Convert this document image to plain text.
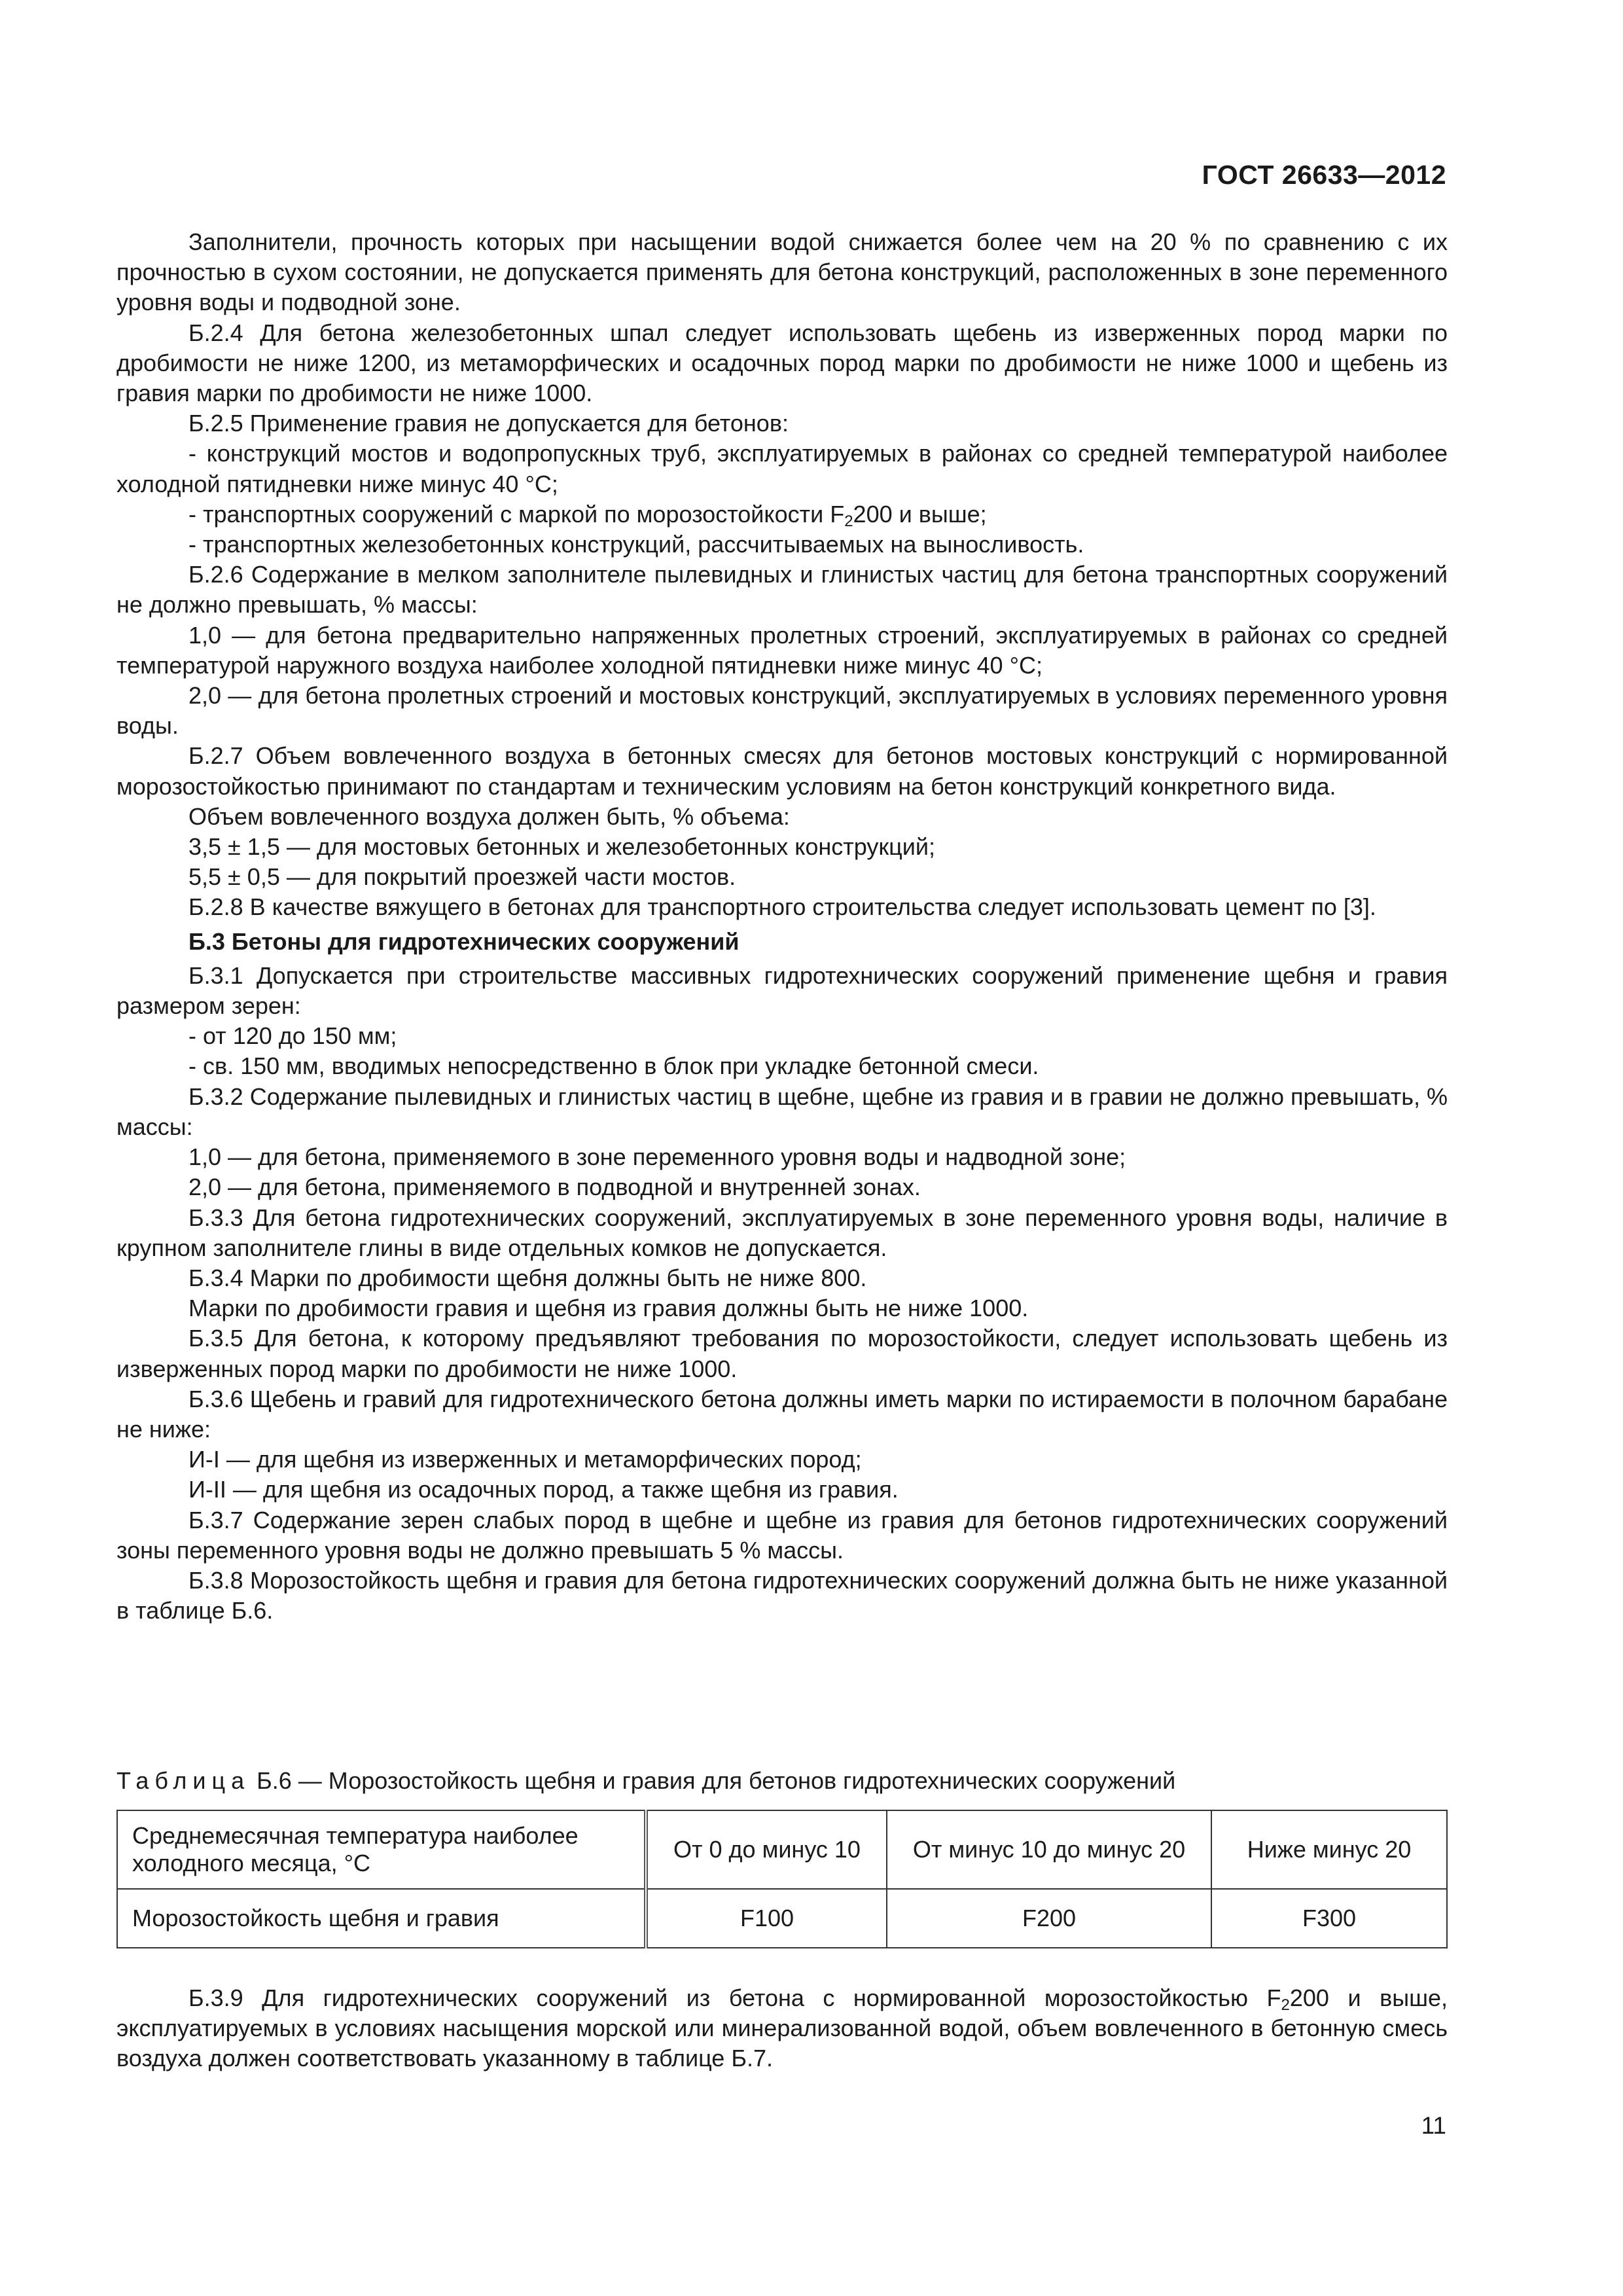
ГОСТ 26633—2012

Заполнители, прочность которых при насыщении водой снижается более чем на 20 % по сравнению с их прочностью в сухом состоянии, не допускается применять для бетона конструкций, расположенных в зоне переменного уровня воды и подводной зоне.

Б.2.4 Для бетона железобетонных шпал следует использовать щебень из изверженных пород марки по дробимости не ниже 1200, из метаморфических и осадочных пород марки по дробимости не ниже 1000 и щебень из гравия марки по дробимости не ниже 1000.

Б.2.5 Применение гравия не допускается для бетонов:

- конструкций мостов и водопропускных труб, эксплуатируемых в районах со средней температурой наиболее холодной пятидневки ниже минус 40 °С;

- транспортных сооружений с маркой по морозостойкости $F_2200$ и выше;

- транспортных железобетонных конструкций, рассчитываемых на выносливость.

Б.2.6 Содержание в мелком заполнителе пылевидных и глинистых частиц для бетона транспортных сооружений не должно превышать, % массы:

1,0 — для бетона предварительно напряженных пролетных строений, эксплуатируемых в районах со средней температурой наружного воздуха наиболее холодной пятидневки ниже минус 40 °С;

2,0 — для бетона пролетных строений и мостовых конструкций, эксплуатируемых в условиях переменного уровня воды.

Б.2.7 Объем вовлеченного воздуха в бетонных смесях для бетонов мостовых конструкций с нормированной морозостойкостью принимают по стандартам и техническим условиям на бетон конструкций конкретного вида.

Объем вовлеченного воздуха должен быть, % объема:

3,5 ± 1,5 — для мостовых бетонных и железобетонных конструкций;

5,5 ± 0,5 — для покрытий проезжей части мостов.

Б.2.8 В качестве вяжущего в бетонах для транспортного строительства следует использовать цемент по [3].

Б.3 Бетоны для гидротехнических сооружений

Б.3.1 Допускается при строительстве массивных гидротехнических сооружений применение щебня и гравия размером зерен:

- от 120 до 150 мм;

- св. 150 мм, вводимых непосредственно в блок при укладке бетонной смеси.

Б.3.2 Содержание пылевидных и глинистых частиц в щебне, щебне из гравия и в гравии не должно превышать, % массы:

1,0 — для бетона, применяемого в зоне переменного уровня воды и надводной зоне;

2,0 — для бетона, применяемого в подводной и внутренней зонах.

Б.3.3 Для бетона гидротехнических сооружений, эксплуатируемых в зоне переменного уровня воды, наличие в крупном заполнителе глины в виде отдельных комков не допускается.

Б.3.4 Марки по дробимости щебня должны быть не ниже 800.

Марки по дробимости гравия и щебня из гравия должны быть не ниже 1000.

Б.3.5 Для бетона, к которому предъявляют требования по морозостойкости, следует использовать щебень из изверженных пород марки по дробимости не ниже 1000.

Б.3.6 Щебень и гравий для гидротехнического бетона должны иметь марки по истираемости в полочном барабане не ниже:

И-I — для щебня из изверженных и метаморфических пород;

И-II — для щебня из осадочных пород, а также щебня из гравия.

Б.3.7 Содержание зерен слабых пород в щебне и щебне из гравия для бетонов гидротехнических сооружений зоны переменного уровня воды не должно превышать 5 % массы.

Б.3.8 Морозостойкость щебня и гравия для бетона гидротехнических сооружений должна быть не ниже указанной в таблице Б.6.

Таблица Б.6 — Морозостойкость щебня и гравия для бетонов гидротехнических сооружений
Среднемесячная температура наиболее холодного месяца, °С	От 0 до минус 10	От минус 10 до минус 20	Ниже минус 20
Морозостойкость щебня и гравия	F100	F200	F300

Б.3.9 Для гидротехнических сооружений из бетона с нормированной морозостойкостью $F_2200$ и выше, эксплуатируемых в условиях насыщения морской или минерализованной водой, объем вовлеченного в бетонную смесь воздуха должен соответствовать указанному в таблице Б.7.

11
